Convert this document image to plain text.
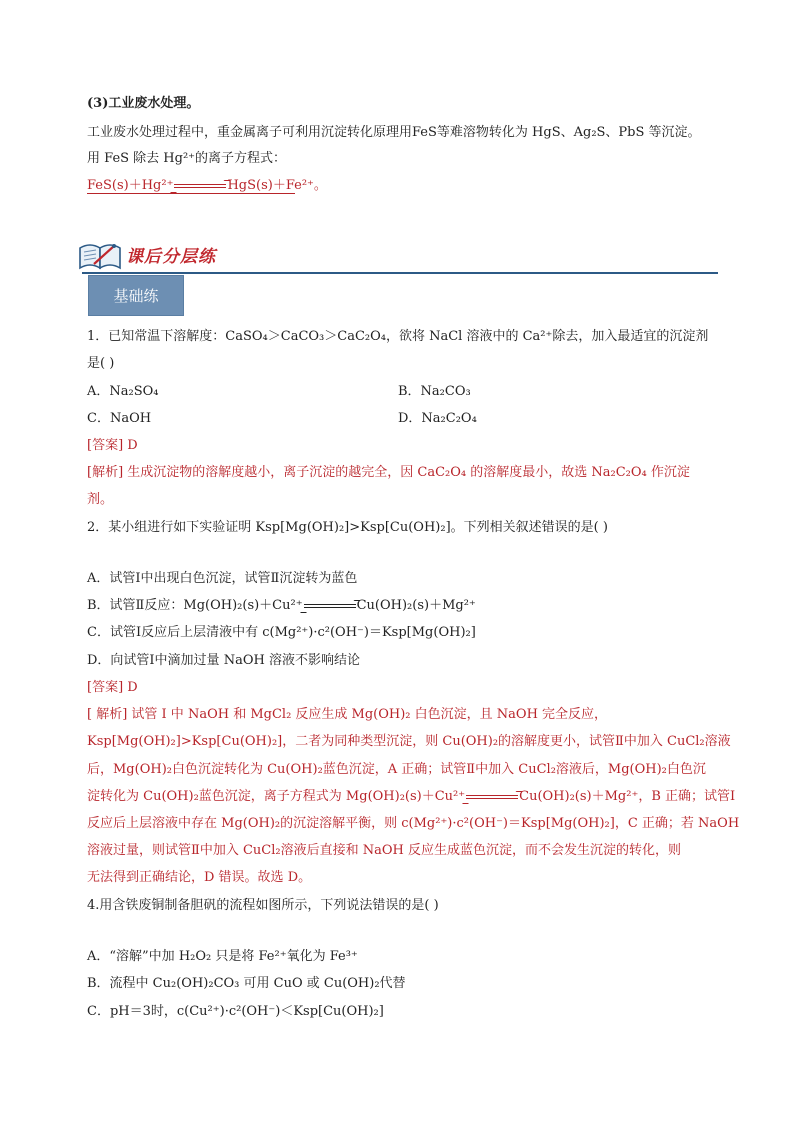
(3)工业废水处理。
工业废水处理过程中，重金属离子可利用沉淀转化原理用FeS等难溶物转化为 HgS、Ag₂S、PbS 等沉淀。
用 FeS 除去 Hg²⁺的离子方程式：
FeS(s)＋Hg²⁺→HgS(s)＋Fe²⁺。
课后分层练
基础练
1．已知常温下溶解度：CaSO₄＞CaCO₃＞CaC₂O₄，欲将 NaCl 溶液中的 Ca²⁺除去，加入最适宜的沉淀剂
是( )
A．Na₂SO₄	B．Na₂CO₃
C．NaOH	D．Na₂C₂O₄
[答案] D
[解析] 生成沉淀物的溶解度越小，离子沉淀的越完全，因 CaC₂O₄ 的溶解度最小，故选 Na₂C₂O₄ 作沉淀
剂。
2．某小组进行如下实验证明 Ksp[Mg(OH)₂]>Ksp[Cu(OH)₂]。下列相关叙述错误的是( )
A．试管Ⅰ中出现白色沉淀，试管Ⅱ沉淀转为蓝色
B．试管Ⅱ反应：Mg(OH)₂(s)＋Cu²⁺→Cu(OH)₂(s)＋Mg²⁺
C．试管Ⅰ反应后上层清液中有 c(Mg²⁺)·c²(OH⁻)＝Ksp[Mg(OH)₂]
D．向试管Ⅰ中滴加过量 NaOH 溶液不影响结论
[答案] D
[ 解析] 试管 Ⅰ 中 NaOH 和 MgCl₂ 反应生成 Mg(OH)₂ 白色沉淀，且 NaOH 完全反应，
Ksp[Mg(OH)₂]>Ksp[Cu(OH)₂]，二者为同种类型沉淀，则 Cu(OH)₂的溶解度更小，试管Ⅱ中加入 CuCl₂溶液
后，Mg(OH)₂白色沉淀转化为 Cu(OH)₂蓝色沉淀，A 正确；试管Ⅱ中加入 CuCl₂溶液后，Mg(OH)₂白色沉
淀转化为 Cu(OH)₂蓝色沉淀，离子方程式为 Mg(OH)₂(s)＋Cu²⁺→Cu(OH)₂(s)＋Mg²⁺，B 正确；试管Ⅰ
反应后上层溶液中存在 Mg(OH)₂的沉淀溶解平衡，则 c(Mg²⁺)·c²(OH⁻)＝Ksp[Mg(OH)₂]，C 正确；若 NaOH
溶液过量，则试管Ⅱ中加入 CuCl₂溶液后直接和 NaOH 反应生成蓝色沉淀，而不会发生沉淀的转化，则
无法得到正确结论，D 错误。故选 D。
4.用含铁废铜制备胆矾的流程如图所示，下列说法错误的是( )
A．“溶解”中加 H₂O₂ 只是将 Fe²⁺氧化为 Fe³⁺
B．流程中 Cu₂(OH)₂CO₃ 可用 CuO 或 Cu(OH)₂代替
C．pH＝3时，c(Cu²⁺)·c²(OH⁻)＜Ksp[Cu(OH)₂]
